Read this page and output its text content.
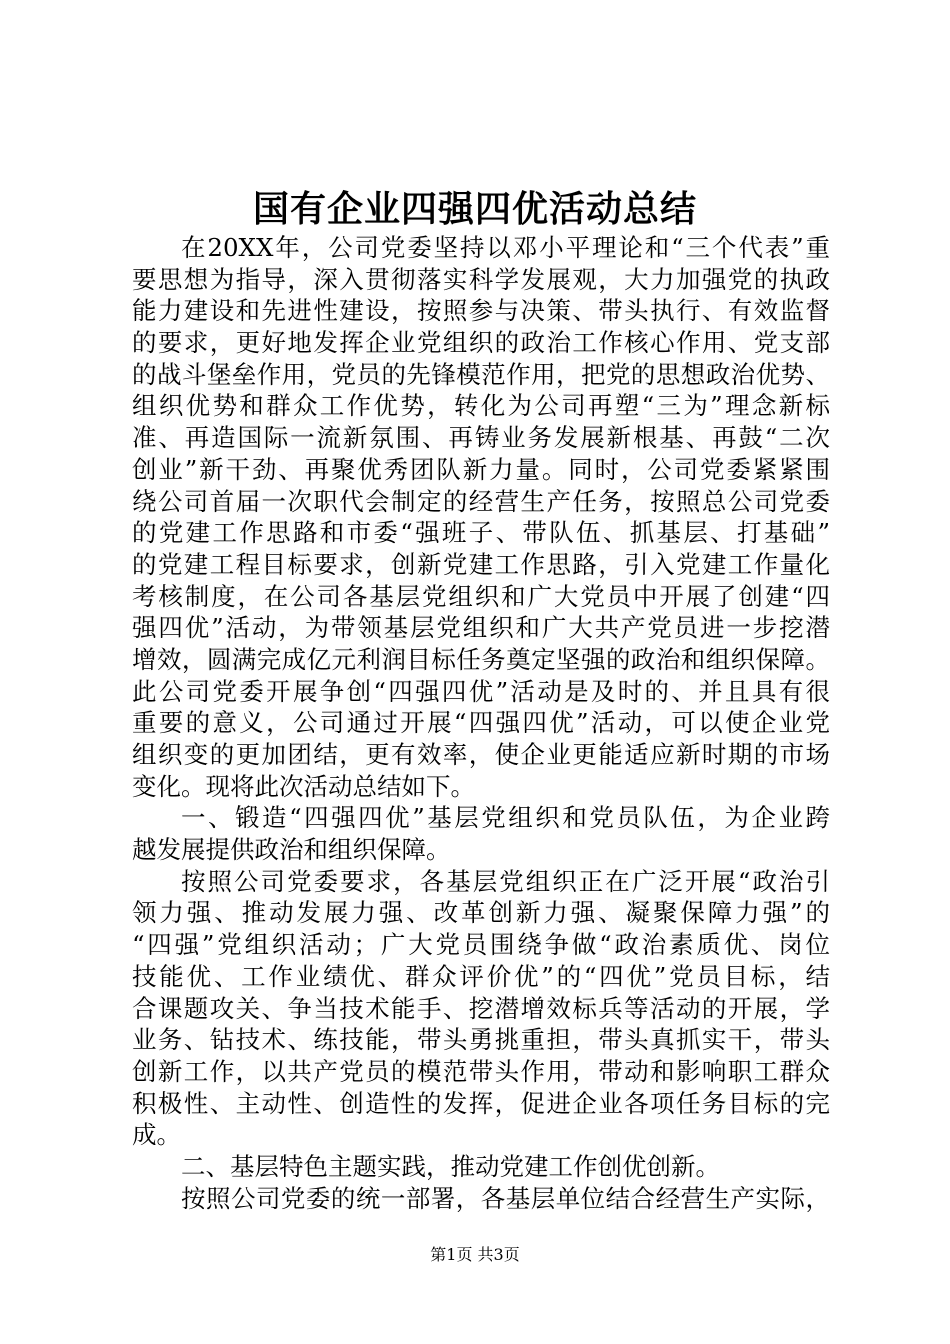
国有企业四强四优活动总结
在20XX年，公司党委坚持以邓小平理论和“三个代表”重
要思想为指导，深入贯彻落实科学发展观，大力加强党的执政
能力建设和先进性建设，按照参与决策、带头执行、有效监督
的要求，更好地发挥企业党组织的政治工作核心作用、党支部
的战斗堡垒作用，党员的先锋模范作用，把党的思想政治优势、
组织优势和群众工作优势，转化为公司再塑“三为”理念新标
准、再造国际一流新氛围、再铸业务发展新根基、再鼓“二次
创业”新干劲、再聚优秀团队新力量。同时，公司党委紧紧围
绕公司首届一次职代会制定的经营生产任务，按照总公司党委
的党建工作思路和市委“强班子、带队伍、抓基层、打基础”
的党建工程目标要求，创新党建工作思路，引入党建工作量化
考核制度，在公司各基层党组织和广大党员中开展了创建“四
强四优”活动，为带领基层党组织和广大共产党员进一步挖潜
增效，圆满完成亿元利润目标任务奠定坚强的政治和组织保障。
此公司党委开展争创“四强四优”活动是及时的、并且具有很
重要的意义，公司通过开展“四强四优”活动，可以使企业党
组织变的更加团结，更有效率，使企业更能适应新时期的市场
变化。现将此次活动总结如下。
一、锻造“四强四优”基层党组织和党员队伍，为企业跨
越发展提供政治和组织保障。
按照公司党委要求，各基层党组织正在广泛开展“政治引
领力强、推动发展力强、改革创新力强、凝聚保障力强”的
“四强”党组织活动；广大党员围绕争做“政治素质优、岗位
技能优、工作业绩优、群众评价优”的“四优”党员目标，结
合课题攻关、争当技术能手、挖潜增效标兵等活动的开展，学
业务、钻技术、练技能，带头勇挑重担，带头真抓实干，带头
创新工作，以共产党员的模范带头作用，带动和影响职工群众
积极性、主动性、创造性的发挥，促进企业各项任务目标的完
成。
二、基层特色主题实践，推动党建工作创优创新。
按照公司党委的统一部署，各基层单位结合经营生产实际，
第1页 共3页
